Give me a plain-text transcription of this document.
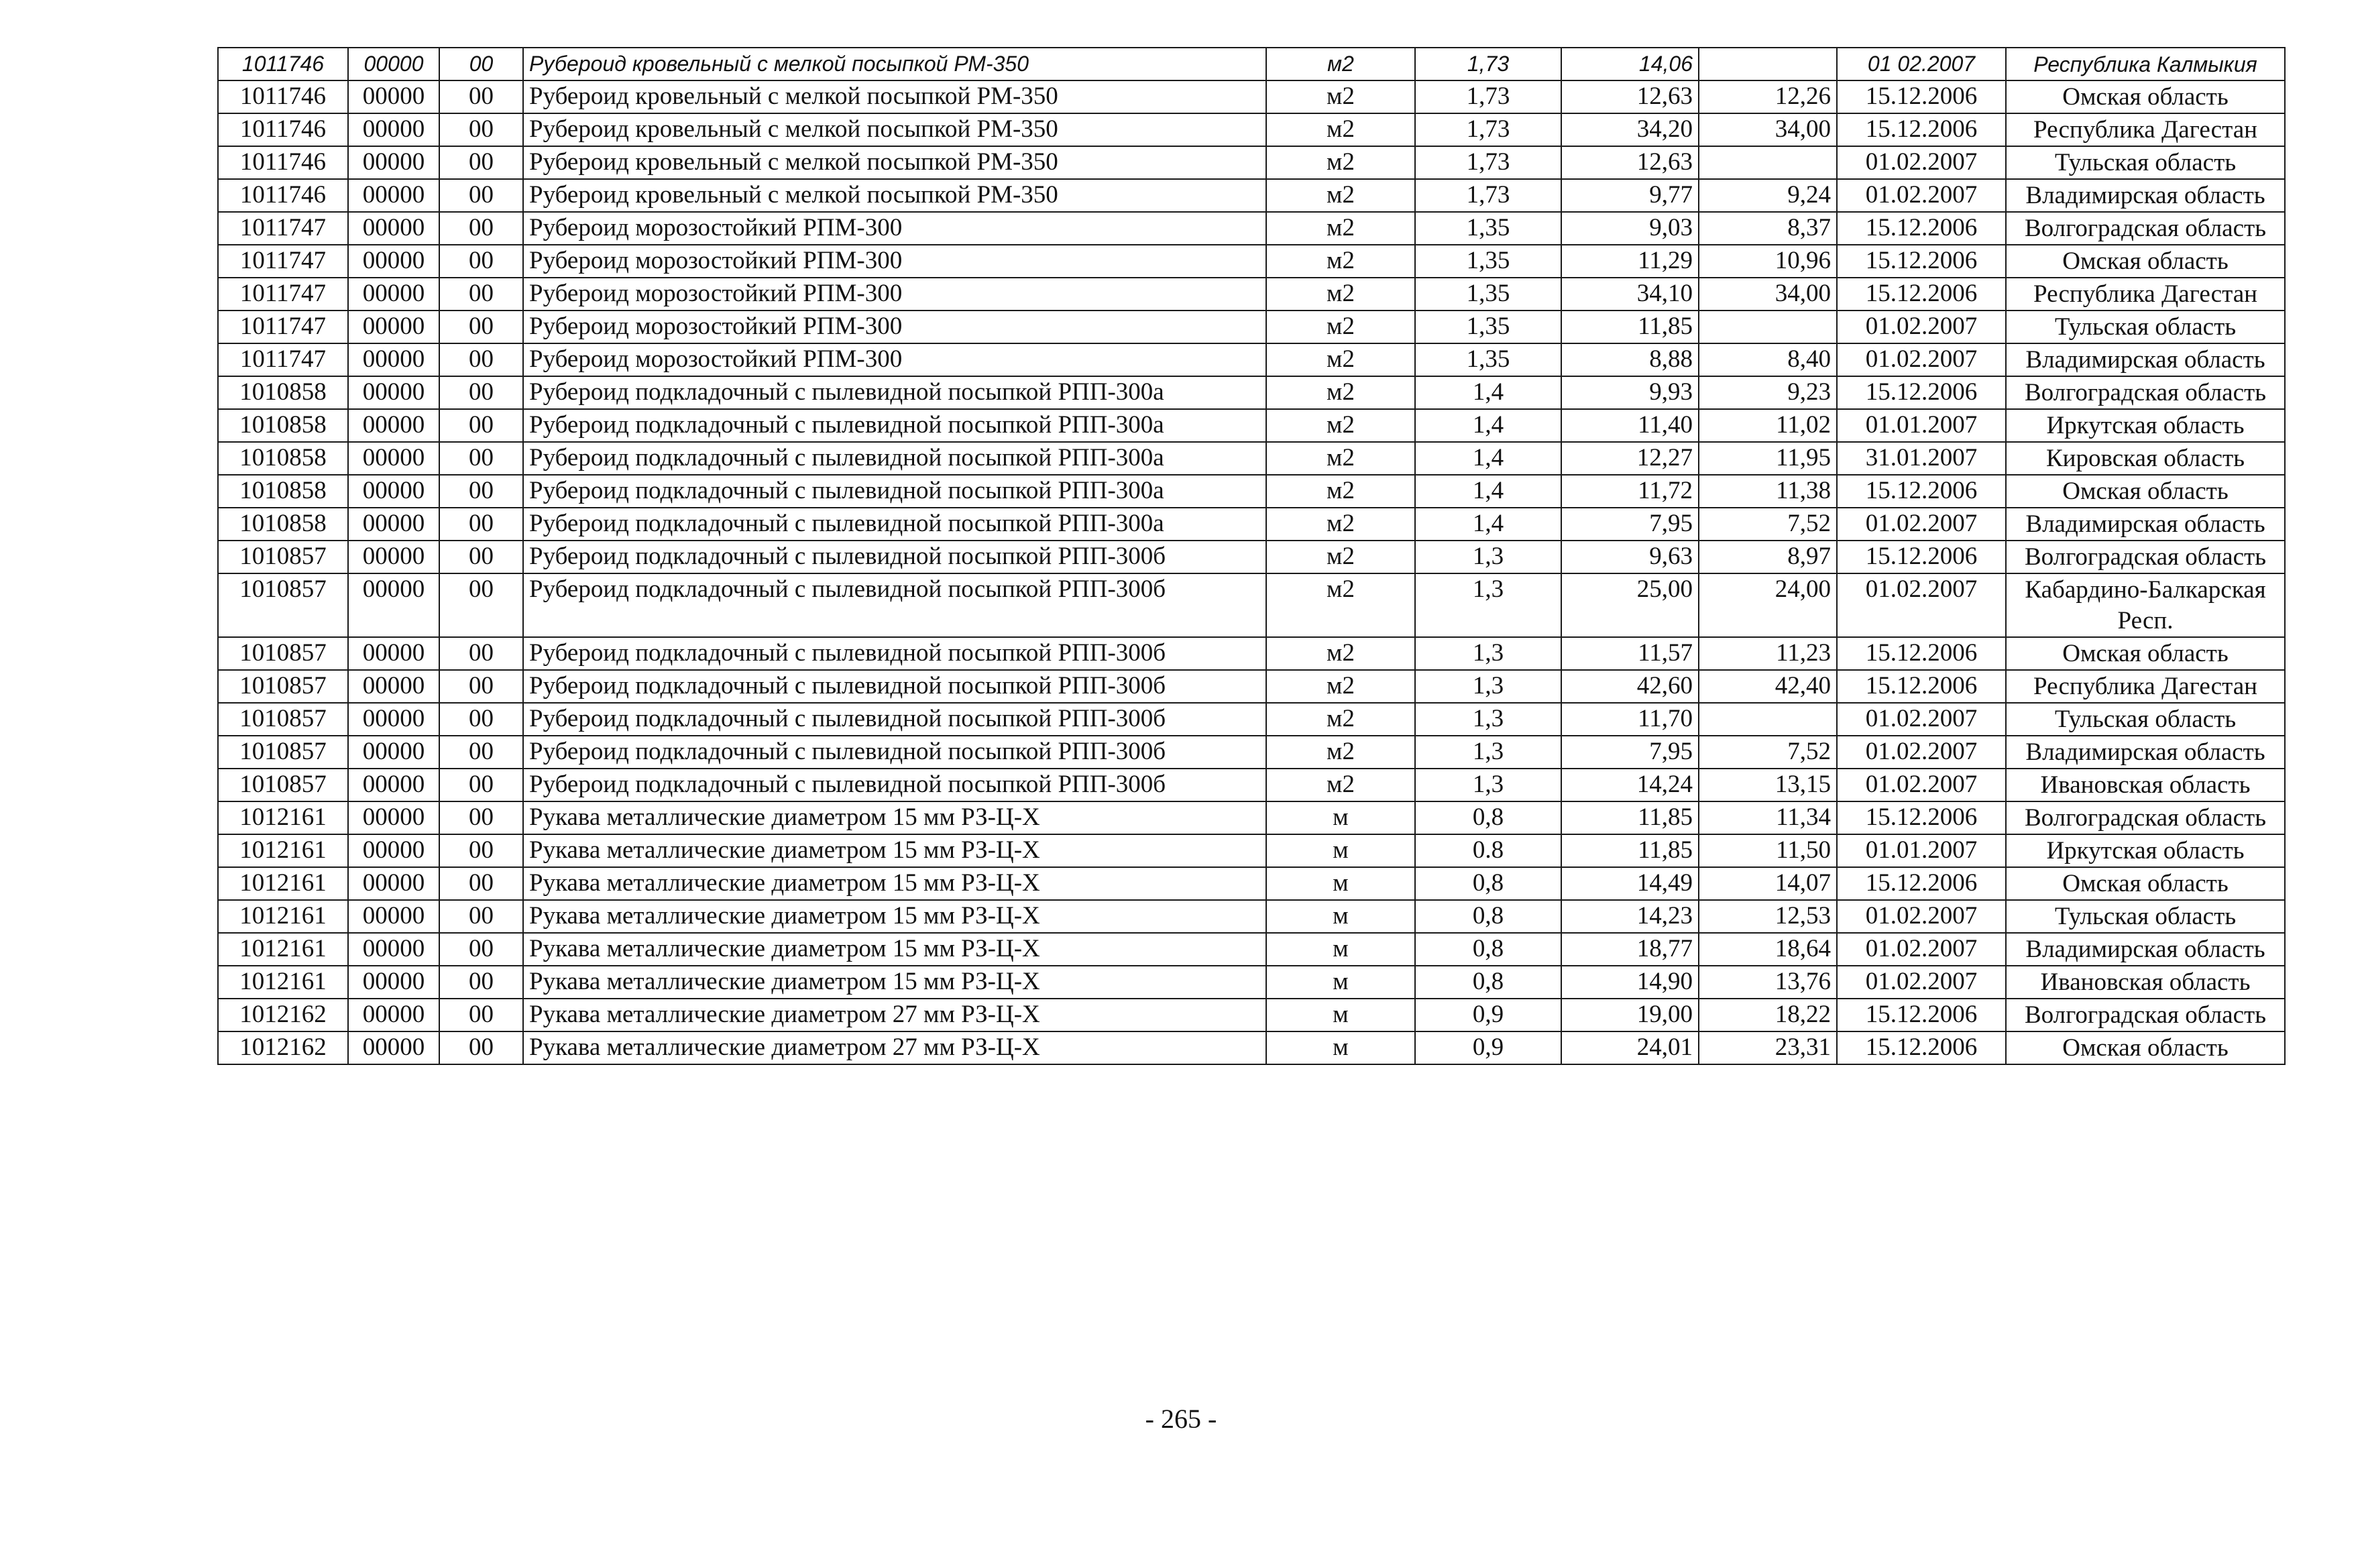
1011746	00000	00	Рубероид кровельный с мелкой посыпкой РМ-350	м2	1,73	14,06		01 02.2007	Республика Калмыкия
1011746	00000	00	Рубероид кровельный с мелкой посыпкой РМ-350	м2	1,73	12,63	12,26	15.12.2006	Омская область
1011746	00000	00	Рубероид кровельный с мелкой посыпкой РМ-350	м2	1,73	34,20	34,00	15.12.2006	Республика Дагестан
1011746	00000	00	Рубероид кровельный с мелкой посыпкой РМ-350	м2	1,73	12,63		01.02.2007	Тульская область
1011746	00000	00	Рубероид кровельный с мелкой посыпкой РМ-350	м2	1,73	9,77	9,24	01.02.2007	Владимирская область
1011747	00000	00	Рубероид морозостойкий РПМ-300	м2	1,35	9,03	8,37	15.12.2006	Волгоградская область
1011747	00000	00	Рубероид морозостойкий РПМ-300	м2	1,35	11,29	10,96	15.12.2006	Омская область
1011747	00000	00	Рубероид морозостойкий РПМ-300	м2	1,35	34,10	34,00	15.12.2006	Республика Дагестан
1011747	00000	00	Рубероид морозостойкий РПМ-300	м2	1,35	11,85		01.02.2007	Тульская область
1011747	00000	00	Рубероид морозостойкий РПМ-300	м2	1,35	8,88	8,40	01.02.2007	Владимирская область
1010858	00000	00	Рубероид подкладочный с пылевидной посыпкой РПП-300а	м2	1,4	9,93	9,23	15.12.2006	Волгоградская область
1010858	00000	00	Рубероид подкладочный с пылевидной посыпкой РПП-300а	м2	1,4	11,40	11,02	01.01.2007	Иркутская область
1010858	00000	00	Рубероид подкладочный с пылевидной посыпкой РПП-300а	м2	1,4	12,27	11,95	31.01.2007	Кировская область
1010858	00000	00	Рубероид подкладочный с пылевидной посыпкой РПП-300а	м2	1,4	11,72	11,38	15.12.2006	Омская область
1010858	00000	00	Рубероид подкладочный с пылевидной посыпкой РПП-300а	м2	1,4	7,95	7,52	01.02.2007	Владимирская область
1010857	00000	00	Рубероид подкладочный с пылевидной посыпкой РПП-300б	м2	1,3	9,63	8,97	15.12.2006	Волгоградская область
1010857	00000	00	Рубероид подкладочный с пылевидной посыпкой РПП-300б	м2	1,3	25,00	24,00	01.02.2007	Кабардино-Балкарская Респ.
1010857	00000	00	Рубероид подкладочный с пылевидной посыпкой РПП-300б	м2	1,3	11,57	11,23	15.12.2006	Омская область
1010857	00000	00	Рубероид подкладочный с пылевидной посыпкой РПП-300б	м2	1,3	42,60	42,40	15.12.2006	Республика Дагестан
1010857	00000	00	Рубероид подкладочный с пылевидной посыпкой РПП-300б	м2	1,3	11,70		01.02.2007	Тульская область
1010857	00000	00	Рубероид подкладочный с пылевидной посыпкой РПП-300б	м2	1,3	7,95	7,52	01.02.2007	Владимирская область
1010857	00000	00	Рубероид подкладочный с пылевидной посыпкой РПП-300б	м2	1,3	14,24	13,15	01.02.2007	Ивановская область
1012161	00000	00	Рукава металлические диаметром 15 мм РЗ-Ц-Х	м	0,8	11,85	11,34	15.12.2006	Волгоградская область
1012161	00000	00	Рукава металлические диаметром 15 мм РЗ-Ц-Х	м	0.8	11,85	11,50	01.01.2007	Иркутская область
1012161	00000	00	Рукава металлические диаметром 15 мм РЗ-Ц-Х	м	0,8	14,49	14,07	15.12.2006	Омская область
1012161	00000	00	Рукава металлические диаметром 15 мм РЗ-Ц-Х	м	0,8	14,23	12,53	01.02.2007	Тульская область
1012161	00000	00	Рукава металлические диаметром 15 мм РЗ-Ц-Х	м	0,8	18,77	18,64	01.02.2007	Владимирская область
1012161	00000	00	Рукава металлические диаметром 15 мм РЗ-Ц-Х	м	0,8	14,90	13,76	01.02.2007	Ивановская область
1012162	00000	00	Рукава металлические диаметром 27 мм РЗ-Ц-Х	м	0,9	19,00	18,22	15.12.2006	Волгоградская область
1012162	00000	00	Рукава металлические диаметром 27 мм РЗ-Ц-Х	м	0,9	24,01	23,31	15.12.2006	Омская область
- 265 -
